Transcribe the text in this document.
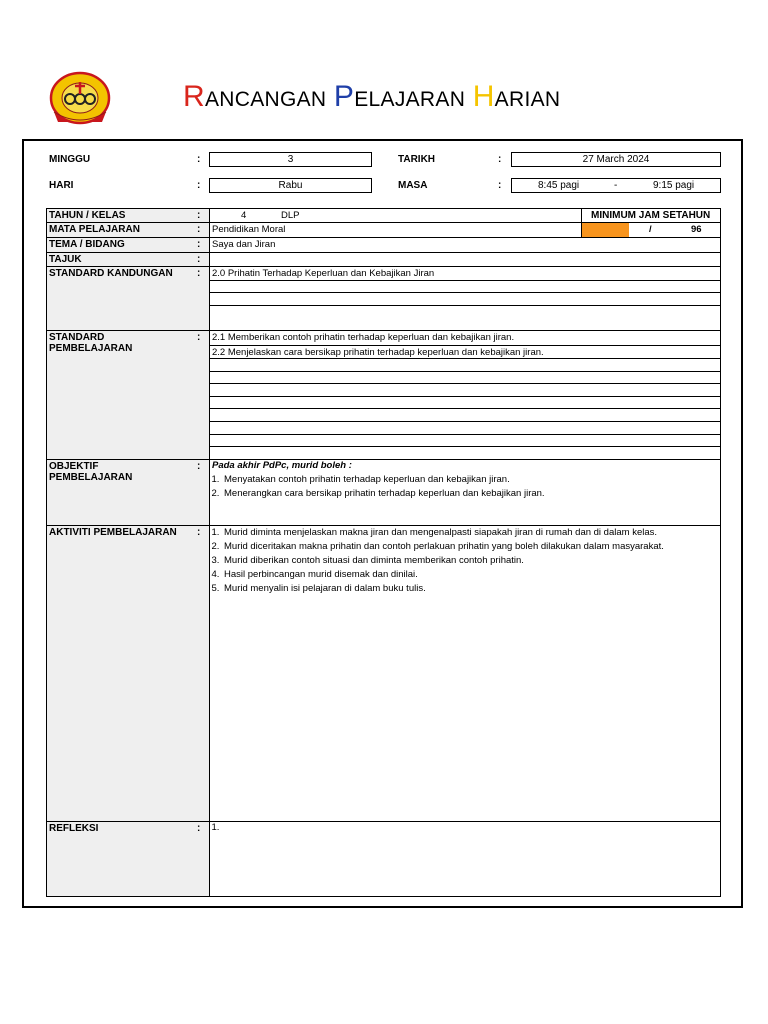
RANCANGAN PELAJARAN HARIAN
MINGGU	:	3	TARIKH	:	27 March 2024
HARI	:	Rabu	MASA	:	8:45 pagi	-	9:15 pagi
TAHUN / KELAS	:	4	DLP	MINIMUM JAM SETAHUN
/	96
MATA PELAJARAN	: Pendidikan Moral
TEMA / BIDANG	: Saya dan Jiran
TAJUK	:
STANDARD KANDUNGAN : 2.0 Prihatin Terhadap Keperluan dan Kebajikan Jiran
STANDARD
PEMBELAJARAN
: 2.1 Memberikan contoh prihatin terhadap keperluan dan kebajikan jiran.
2.2 Menjelaskan cara bersikap prihatin terhadap keperluan dan kebajikan jiran.
OBJEKTIF
PEMBELAJARAN
: Pada akhir PdPc, murid boleh :
1. Menyatakan contoh prihatin terhadap keperluan dan kebajikan jiran.
2. Menerangkan cara bersikap prihatin terhadap keperluan dan kebajikan jiran.
AKTIVITI PEMBELAJARAN :
1. Murid diminta menjelaskan makna jiran dan mengenalpasti siapakah jiran di rumah dan di dalam kelas.
2. Murid diceritakan makna prihatin dan contoh perlakuan prihatin yang boleh dilakukan dalam masyarakat.
3. Murid diberikan contoh situasi dan diminta memberikan contoh prihatin.
4. Hasil perbincangan murid disemak dan dinilai.
5. Murid menyalin isi pelajaran di dalam buku tulis.
REFLEKSI	:
1.
